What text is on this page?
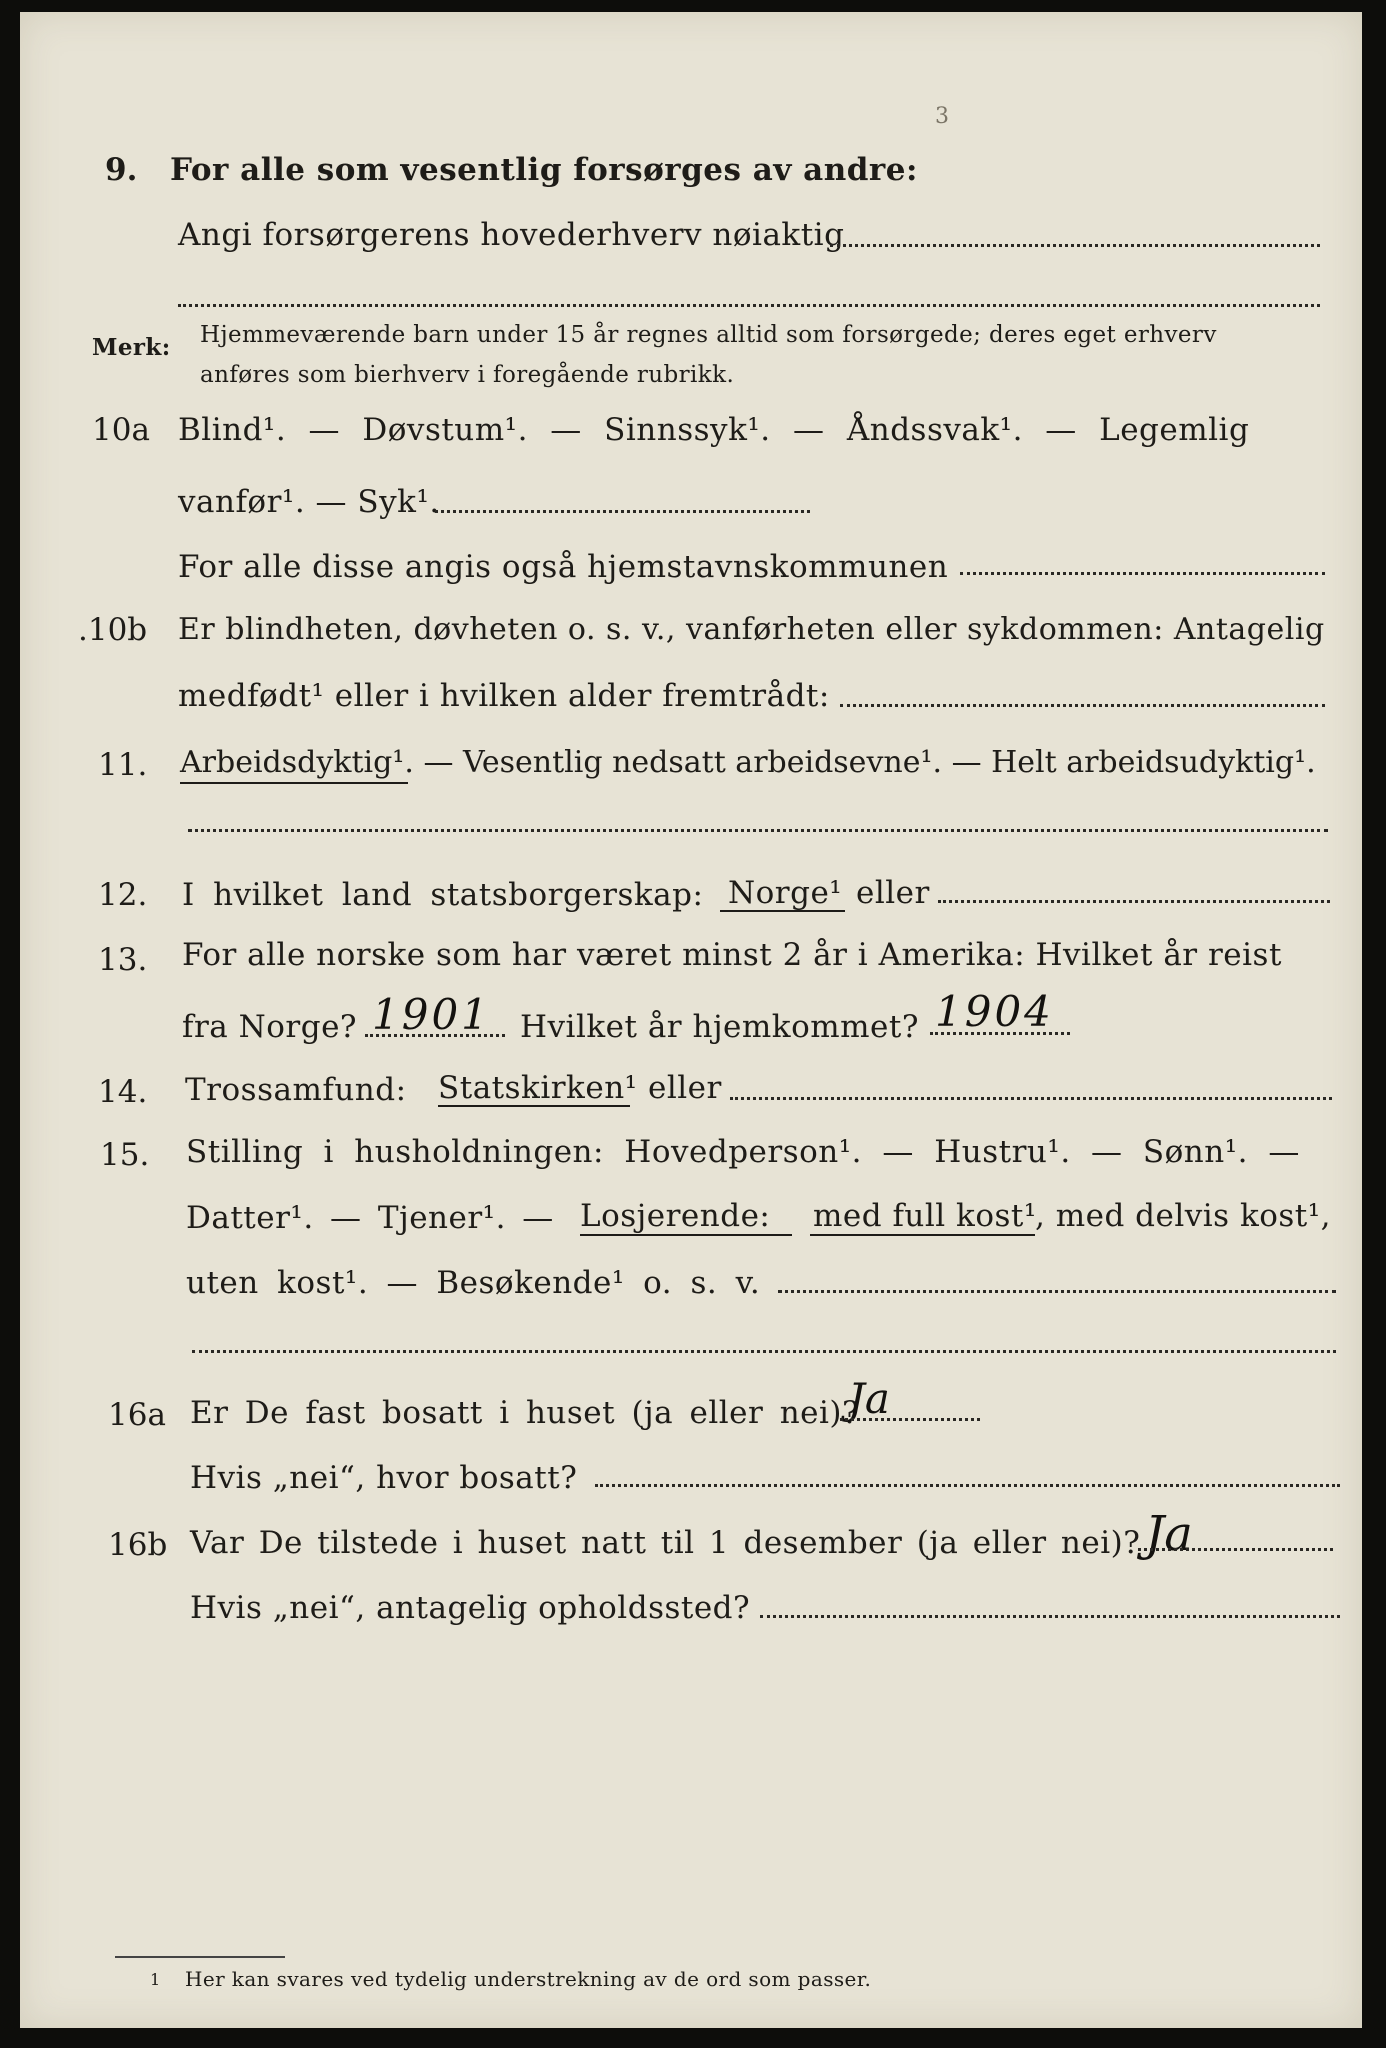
3
9. For alle som vesentlig forsørges av andre:
Angi forsørgerens hovederhverv nøiaktig
Merk: Hjemmeværende barn under 15 år regnes alltid som forsørgede; deres eget erhverv
anføres som bierhverv i foregående rubrikk.
10a Blind¹. — Døvstum¹. — Sinnssyk¹. — Åndssvak¹. — Legemlig
vanfør¹. — Syk¹.
For alle disse angis også hjemstavnskommunen
.10b Er blindheten, døvheten o. s. v., vanførheten eller sykdommen: Antagelig
medfødt¹ eller i hvilken alder fremtrådt:
11. Arbeidsdyktig¹. — Vesentlig nedsatt arbeidsevne¹. — Helt arbeidsudyktig¹.
12. I hvilket land statsborgerskap: Norge¹ eller
13. For alle norske som har været minst 2 år i Amerika: Hvilket år reist
fra Norge? 1901 Hvilket år hjemkommet? 1904
14. Trossamfund: Statskirken¹ eller
15. Stilling i husholdningen: Hovedperson¹. — Hustru¹. — Sønn¹. —
Datter¹. — Tjener¹. — Losjerende: med full kost¹
, med delvis kost¹,
uten kost¹. — Besøkende¹ o. s. v.
16a Er De fast bosatt i huset (ja eller nei)?
Ja
Hvis „nei“, hvor bosatt?
16b Var De tilstede i huset natt til 1 desember (ja eller nei)? Ja
Hvis „nei“, antagelig opholdssted?
1 Her kan svares ved tydelig understrekning av de ord som passer.
